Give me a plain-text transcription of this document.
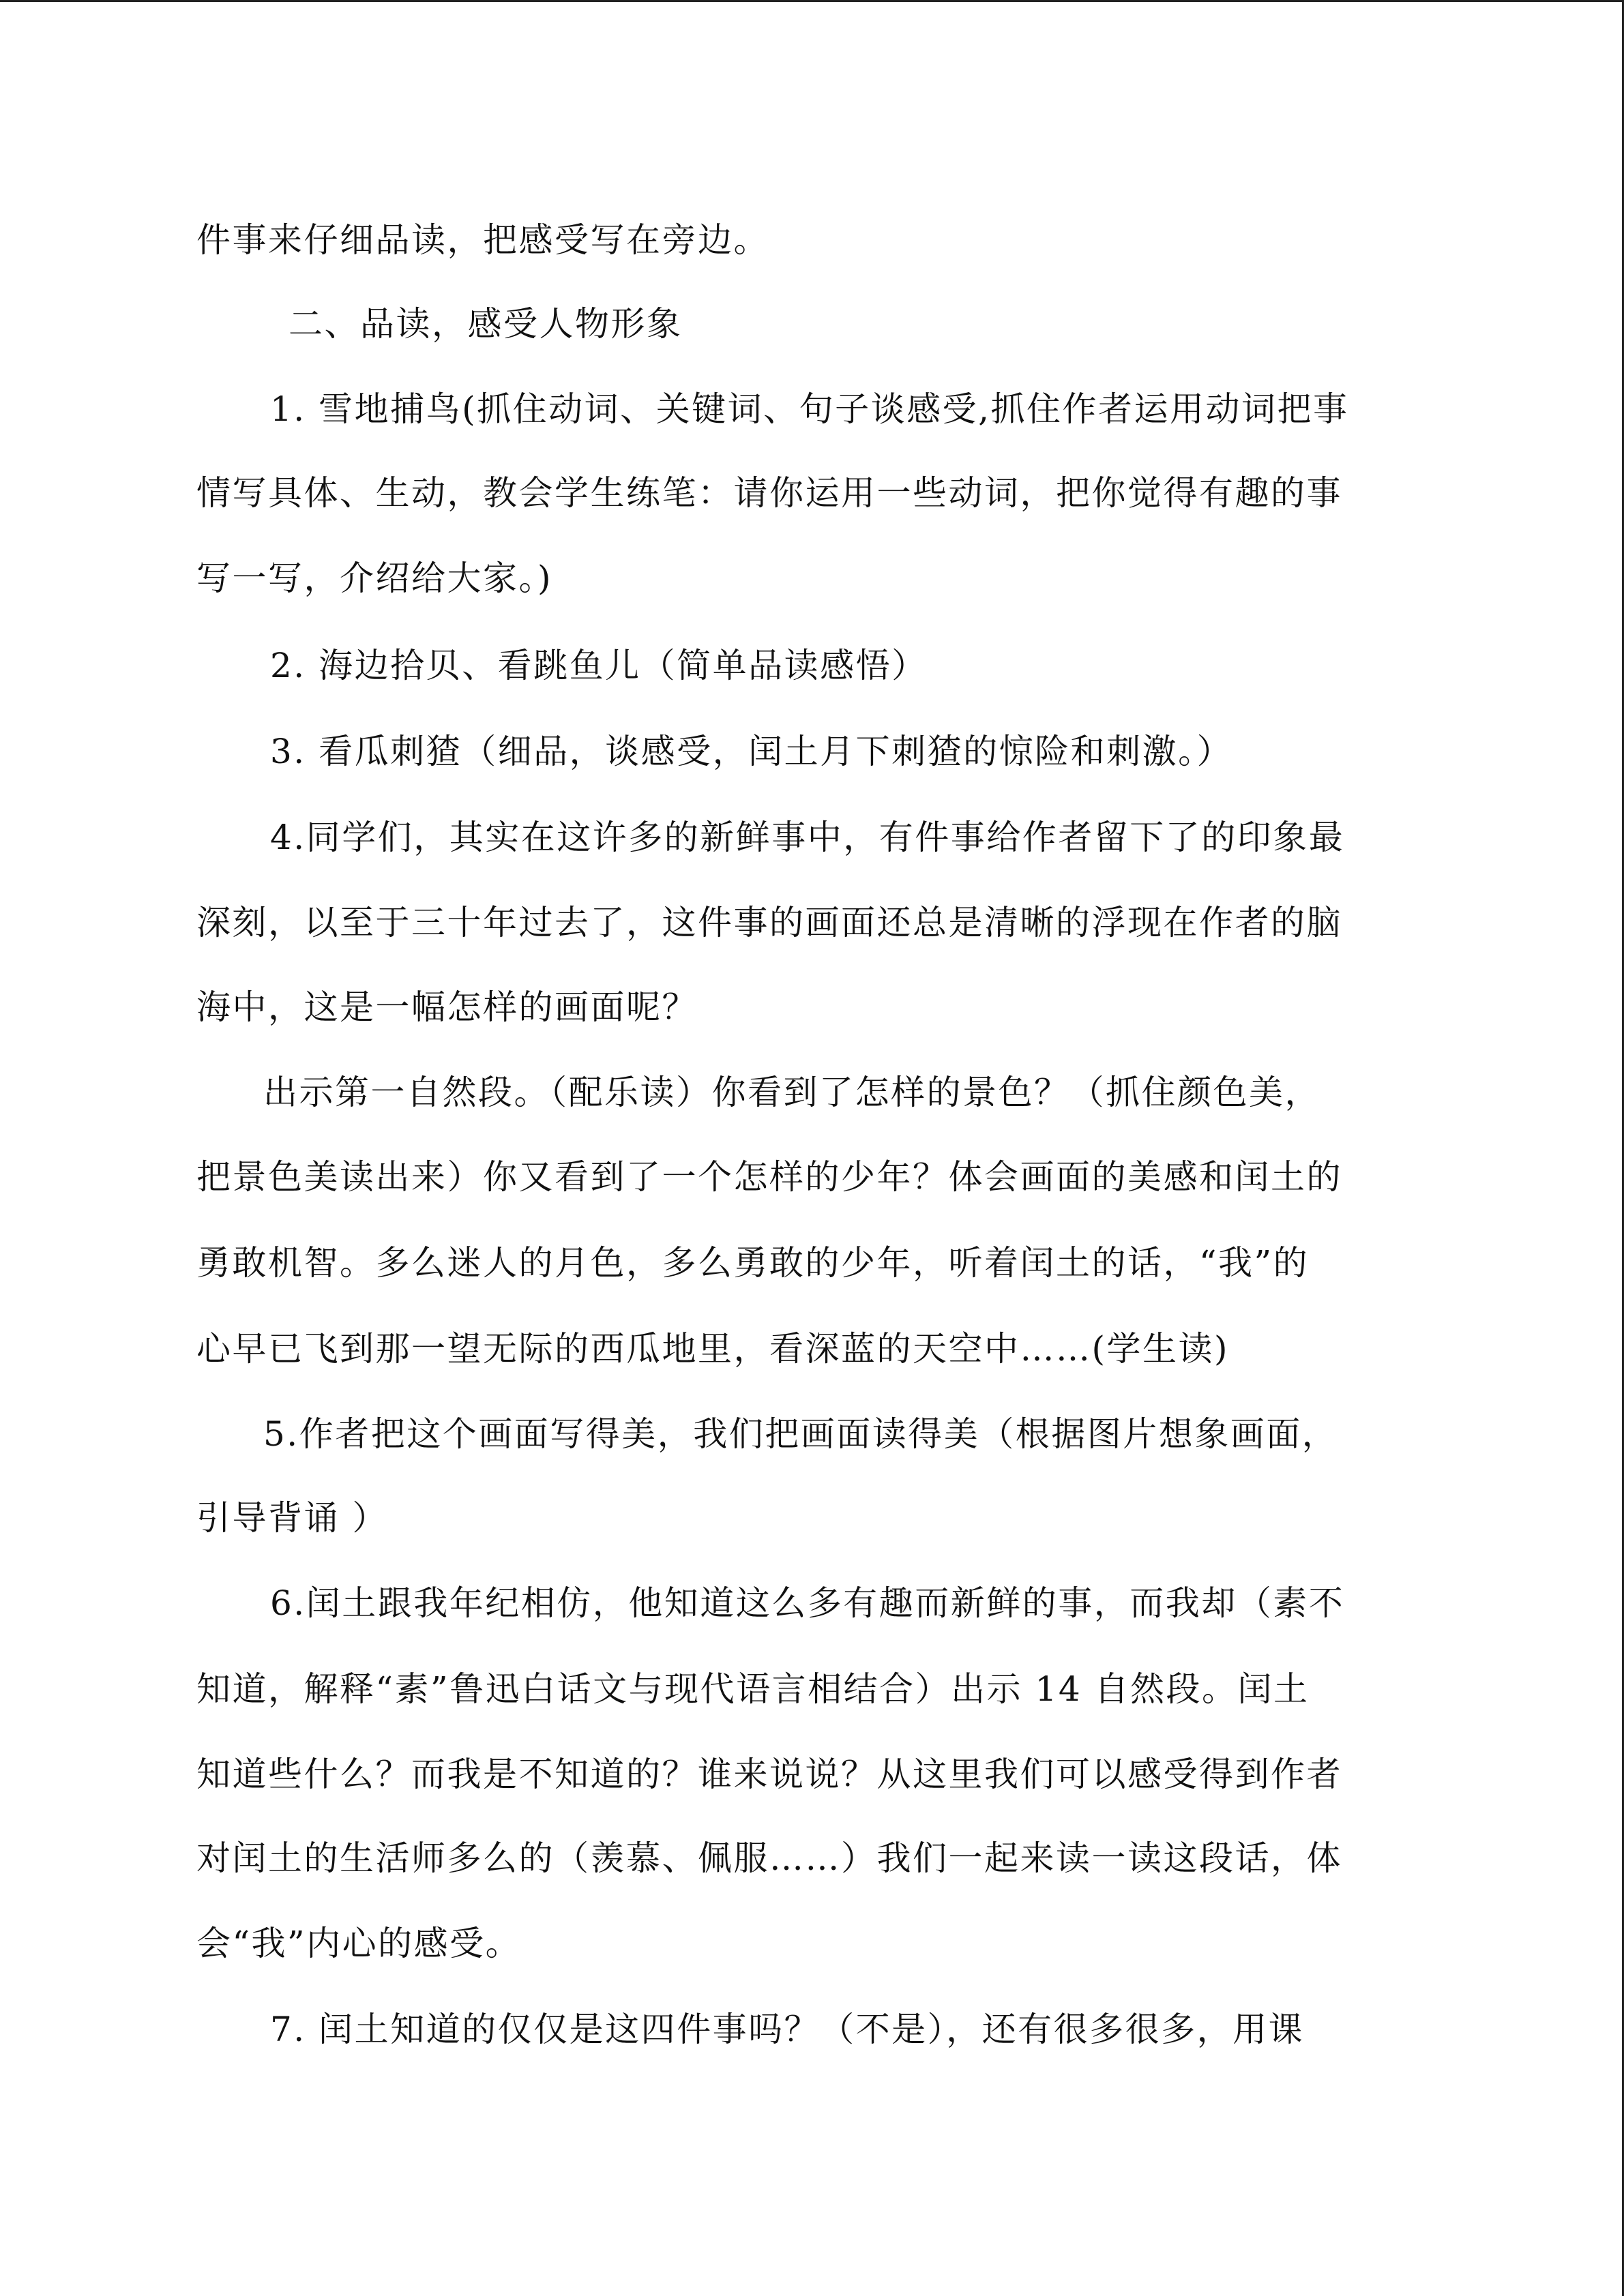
件事来仔细品读，把感受写在旁边。
二、品读，感受人物形象
1. 雪地捕鸟(抓住动词、关键词、句子谈感受,抓住作者运用动词把事
情写具体、生动，教会学生练笔：请你运用一些动词，把你觉得有趣的事
写一写，介绍给大家。)
2. 海边拾贝、看跳鱼儿（简单品读感悟）
3. 看瓜刺猹（细品，谈感受，闰土月下刺猹的惊险和刺激。）
4.同学们，其实在这许多的新鲜事中，有件事给作者留下了的印象最
深刻，以至于三十年过去了，这件事的画面还总是清晰的浮现在作者的脑
海中，这是一幅怎样的画面呢？
出示第一自然段。（配乐读）你看到了怎样的景色？（抓住颜色美，
把景色美读出来）你又看到了一个怎样的少年？体会画面的美感和闰土的
勇敢机智。多么迷人的月色，多么勇敢的少年，听着闰土的话，“我”的
心早已飞到那一望无际的西瓜地里，看深蓝的天空中……(学生读)
5.作者把这个画面写得美，我们把画面读得美（根据图片想象画面，
引导背诵 ）
6.闰土跟我年纪相仿，他知道这么多有趣而新鲜的事，而我却（素不
知道，解释“素”鲁迅白话文与现代语言相结合）出示 14 自然段。闰土
知道些什么？而我是不知道的？谁来说说？从这里我们可以感受得到作者
对闰土的生活师多么的（羡慕、佩服……）我们一起来读一读这段话，体
会“我”内心的感受。
7. 闰土知道的仅仅是这四件事吗？（不是），还有很多很多，用课
